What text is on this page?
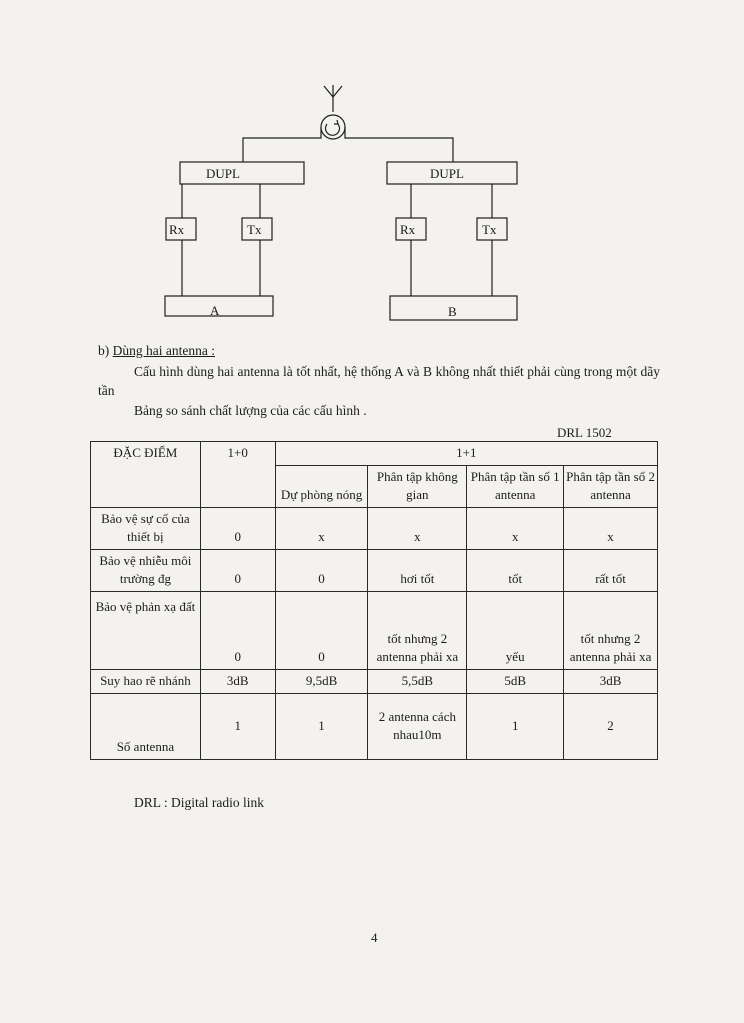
DUPL	DUPL
Rx	Tx	Rx	Tx
A	B
b) Dùng hai antenna :
Cấu hình dùng hai antenna là tốt nhất, hệ thống A và B không nhất thiết phải cùng trong một dãy tần
Bảng so sánh chất lượng của các cấu hình .
DRL 1502
ĐẶC ĐIỂM	1+0	1+1			
		Dự phòng nóng	Phân tập không gian	Phân tập tần số 1 antenna	Phân tập tần số 2 antenna
Bảo vệ sự cố của thiết bị	0	x	x	x	x
Bảo vệ nhiễu môi trường đg	0	0	hơi tốt	tốt	rất tốt
Bảo vệ phản xạ đất	0	0	tốt nhưng 2 antenna phải xa	yếu	tốt nhưng 2 antenna phải xa
Suy hao rẽ nhánh	3dB	9,5dB	5,5dB	5dB	3dB
Số antenna	1	1	2 antenna cách nhau10m	1	2
DRL : Digital radio link
4
